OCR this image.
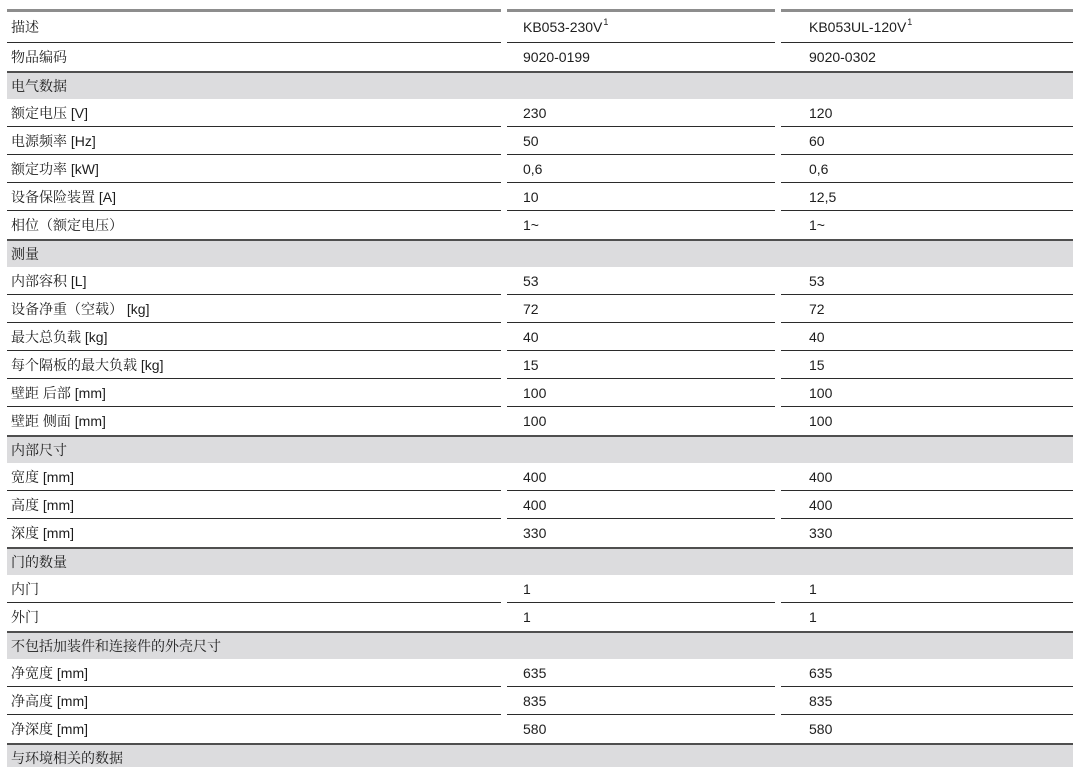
描述	KB053-230V$^1$	KB053UL-120V$^1$
物品编码	9020-0199	9020-0302
电气数据
额定电压 [V]	230	120
电源频率 [Hz]	50	60
额定功率 [kW]	0,6	0,6
设备保险装置 [A]	10	12,5
相位（额定电压）	1~	1~
测量
内部容积 [L]	53	53
设备净重（空载） [kg]	72	72
最大总负载 [kg]	40	40
每个隔板的最大负载 [kg]	15	15
壁距 后部 [mm]	100	100
壁距 侧面 [mm]	100	100
内部尺寸
宽度 [mm]	400	400
高度 [mm]	400	400
深度 [mm]	330	330
门的数量
内门	1	1
外门	1	1
不包括加装件和连接件的外壳尺寸
净宽度 [mm]	635	635
净高度 [mm]	835	835
净深度 [mm]	580	580
与环境相关的数据
